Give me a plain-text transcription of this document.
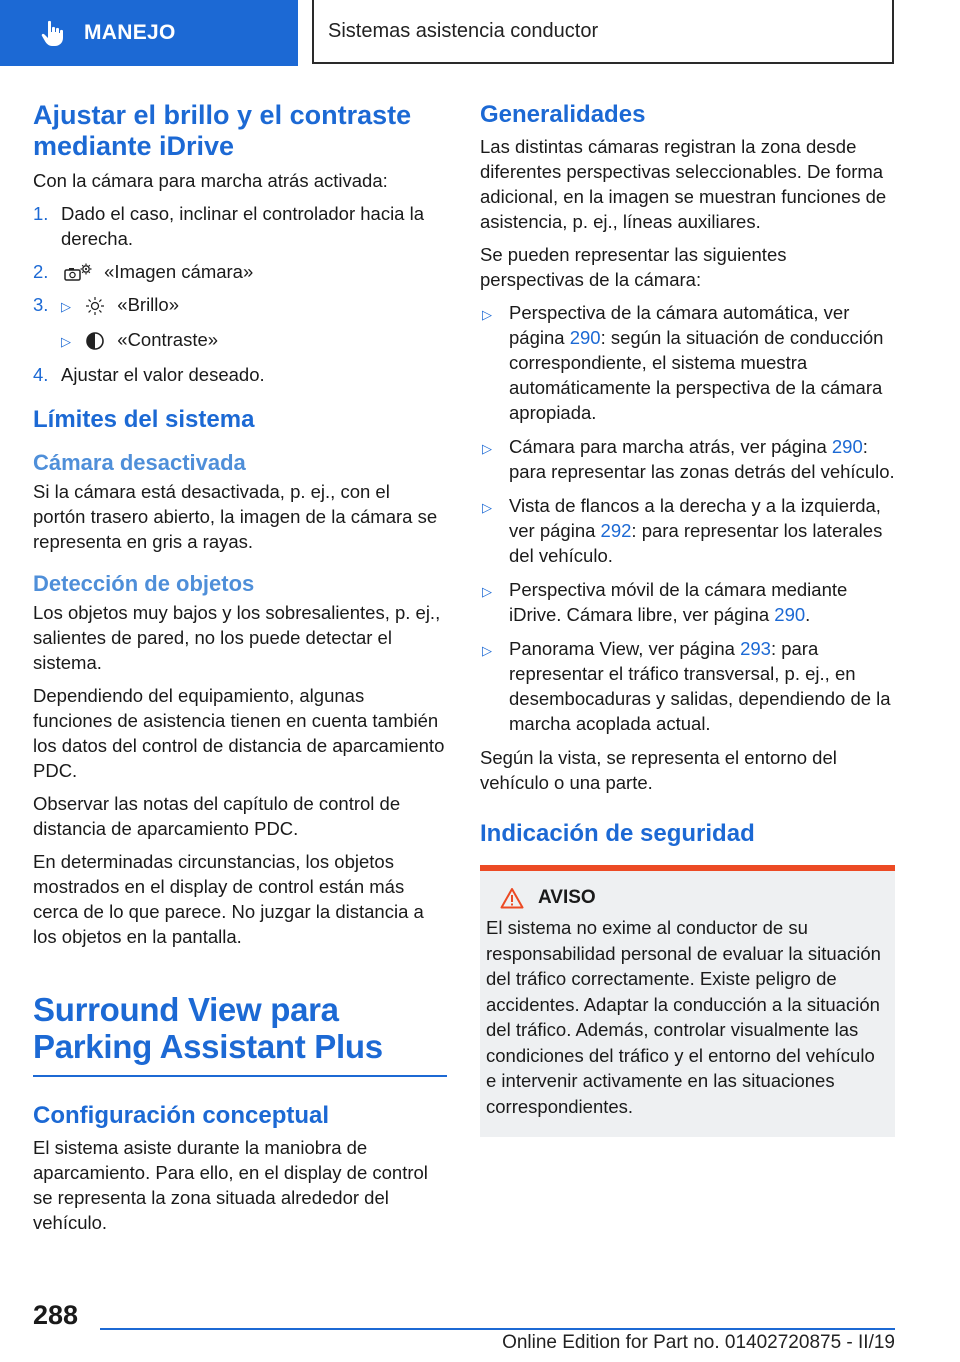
MANEJO	Sistemas asistencia conductor
Ajustar el brillo y el contraste mediante iDrive

Con la cámara para marcha atrás activada:

1. Dado el caso, inclinar el controlador hacia la derecha.
2.	«Imagen cámara»
3. ▷	«Brillo»
▷	«Contraste»
4. Ajustar el valor deseado.
Límites del sistema
Cámara desactivada

Si la cámara está desactivada, p. ej., con el portón trasero abierto, la imagen de la cámara se representa en gris a rayas.

Detección de objetos

Los objetos muy bajos y los sobresalientes, p. ej., salientes de pared, no los puede detectar el sistema.

Dependiendo del equipamiento, algunas funciones de asistencia tienen en cuenta también los datos del control de distancia de aparcamiento PDC.

Observar las notas del capítulo de control de distancia de aparcamiento PDC.

En determinadas circunstancias, los objetos mostrados en el display de control están más cerca de lo que parece. No juzgar la distancia a los objetos en la pantalla.

Surround View para Parking Assistant Plus
Configuración conceptual

El sistema asiste durante la maniobra de aparcamiento. Para ello, en el display de control se representa la zona situada alrededor del vehículo.

Generalidades

Las distintas cámaras registran la zona desde diferentes perspectivas seleccionables. De forma adicional, en la imagen se muestran funciones de asistencia, p. ej., líneas auxiliares.

Se pueden representar las siguientes perspectivas de la cámara:

▷ Perspectiva de la cámara automática, ver página 290: según la situación de conducción correspondiente, el sistema muestra automáticamente la perspectiva de la cámara apropiada.
▷ Cámara para marcha atrás, ver página 290: para representar las zonas detrás del vehículo.
▷ Vista de flancos a la derecha y a la izquierda, ver página 292: para representar los laterales del vehículo.
▷ Perspectiva móvil de la cámara mediante iDrive. Cámara libre, ver página 290.
▷ Panorama View, ver página 293: para representar el tráfico transversal, p. ej., en desembocaduras y salidas, dependiendo de la marcha acoplada actual.

Según la vista, se representa el entorno del vehículo o una parte.

Indicación de seguridad
AVISO

El sistema no exime al conductor de su responsabilidad personal de evaluar la situación del tráfico correctamente. Existe peligro de accidentes. Adaptar la conducción a la situación del tráfico. Además, controlar visualmente las condiciones del tráfico y el entorno del vehículo e intervenir activamente en las situaciones correspondientes.

288
Online Edition for Part no. 01402720875 - II/19
